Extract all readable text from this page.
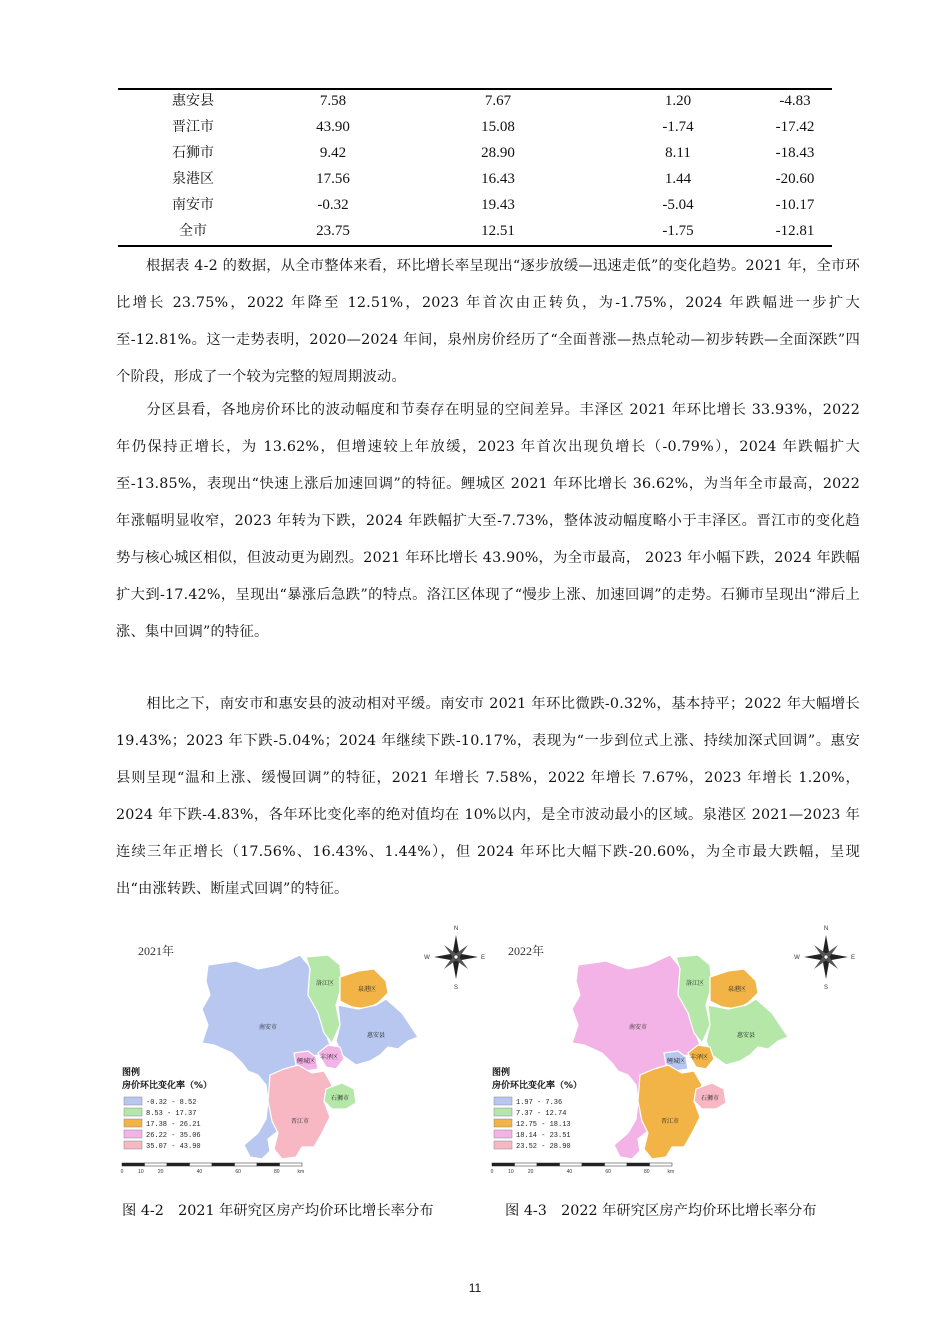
惠安县	7.58	7.67	1.20	-4.83
晋江市	43.90	15.08	-1.74	-17.42
石狮市	9.42	28.90	8.11	-18.43
泉港区	17.56	16.43	1.44	-20.60
南安市	-0.32	19.43	-5.04	-10.17
全市	23.75	12.51	-1.75	-12.81

根据表 4-2 的数据，从全市整体来看，环比增长率呈现出“逐步放缓—迅速走低”的变化趋势。2021 年，全市环比增长 23.75%，2022 年降至 12.51%，2023 年首次由正转负，为-1.75%，2024 年跌幅进一步扩大至-12.81%。这一走势表明，2020—2024 年间，泉州房价经历了“全面普涨—热点轮动—初步转跌—全面深跌”四个阶段，形成了一个较为完整的短周期波动。

分区县看，各地房价环比的波动幅度和节奏存在明显的空间差异。丰泽区 2021 年环比增长 33.93%，2022 年仍保持正增长，为 13.62%，但增速较上年放缓，2023 年首次出现负增长（-0.79%），2024 年跌幅扩大至-13.85%，表现出“快速上涨后加速回调”的特征。鲤城区 2021 年环比增长 36.62%，为当年全市最高，2022 年涨幅明显收窄，2023 年转为下跌，2024 年跌幅扩大至-7.73%，整体波动幅度略小于丰泽区。晋江市的变化趋势与核心城区相似，但波动更为剧烈。2021 年环比增长 43.90%，为全市最高， 2023 年小幅下跌，2024 年跌幅扩大到-17.42%，呈现出“暴涨后急跌”的特点。洛江区体现了“慢步上涨、加速回调”的走势。石狮市呈现出“滞后上涨、集中回调”的特征。

相比之下，南安市和惠安县的波动相对平缓。南安市 2021 年环比微跌-0.32%，基本持平；2022 年大幅增长 19.43%；2023 年下跌-5.04%；2024 年继续下跌-10.17%，表现为“一步到位式上涨、持续加深式回调”。惠安县则呈现“温和上涨、缓慢回调”的特征，2021 年增长 7.58%，2022 年增长 7.67%，2023 年增长 1.20%，2024 年下跌-4.83%，各年环比变化率的绝对值均在 10%以内，是全市波动最小的区域。泉港区 2021—2023 年连续三年正增长（17.56%、16.43%、1.44%），但 2024 年环比大幅下跌-20.60%，为全市最大跌幅，呈现出“由涨转跌、断崖式回调”的特征。

2021年
南安市
洛江区
泉港区
惠安县
丰泽区
鲤城区
晋江市
石狮市
N
S
E
W
图例
房价环比变化率（%）
-0.32 - 8.52
8.53 - 17.37
17.38 - 26.21
26.22 - 35.06
35.07 - 43.90
0	10	20	40	60	80	km
2022年
南安市
洛江区
泉港区
惠安县
丰泽区
鲤城区
晋江市
石狮市
N
S
E
W
图例
房价环比变化率（%）
1.97 - 7.36
7.37 - 12.74
12.75 - 18.13
18.14 - 23.51
23.52 - 28.90
0	10	20	40	60	80	km
图 4-2　2021 年研究区房产均价环比增长率分布	图 4-3　2022 年研究区房产均价环比增长率分布
11
